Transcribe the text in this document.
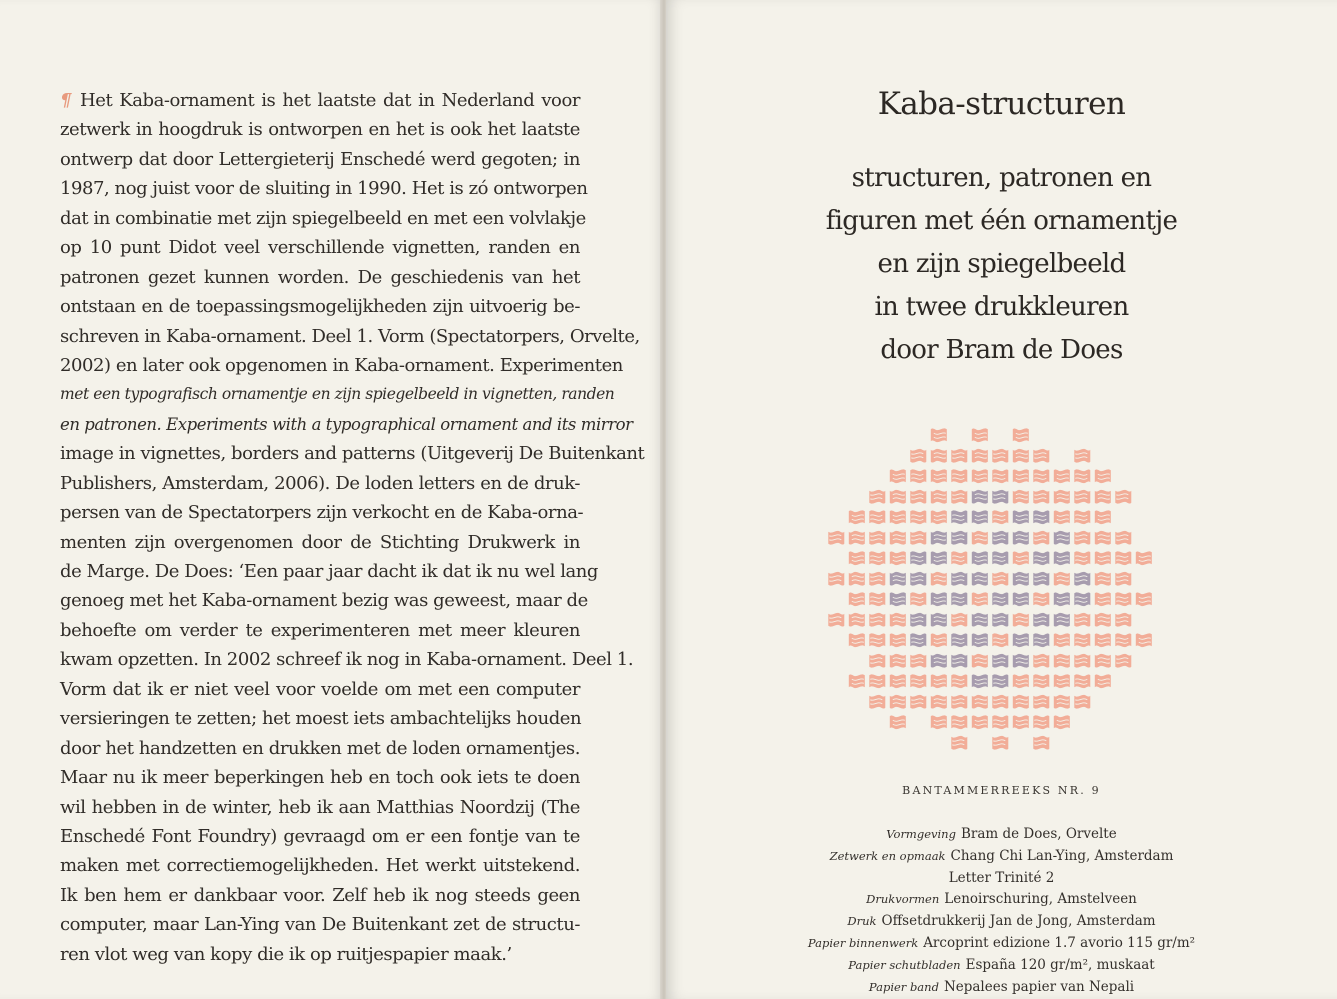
¶ Het Kaba-ornament is het laatste dat in Nederland voor
zetwerk in hoogdruk is ontworpen en het is ook het laatste
ontwerp dat door Lettergieterij Enschedé werd gegoten; in
1987, nog juist voor de sluiting in 1990. Het is zó ontworpen
dat in combinatie met zijn spiegelbeeld en met een volvlakje
op 10 punt Didot veel verschillende vignetten, randen en
patronen gezet kunnen worden. De geschiedenis van het
ontstaan en de toepassingsmogelijkheden zijn uitvoerig be-
schreven in Kaba-ornament. Deel 1. Vorm (Spectatorpers, Orvelte,
2002) en later ook opgenomen in Kaba-ornament. Experimenten
met een typografisch ornamentje en zijn spiegelbeeld in vignetten, randen
en patronen. Experiments with a typographical ornament and its mirror
image in vignettes, borders and patterns (Uitgeverij De Buitenkant
Publishers, Amsterdam, 2006). De loden letters en de druk-
persen van de Spectatorpers zijn verkocht en de Kaba-orna-
menten zijn overgenomen door de Stichting Drukwerk in
de Marge. De Does: ‘Een paar jaar dacht ik dat ik nu wel lang
genoeg met het Kaba-ornament bezig was geweest, maar de
behoefte om verder te experimenteren met meer kleuren
kwam opzetten. In 2002 schreef ik nog in Kaba-ornament. Deel 1.
Vorm dat ik er niet veel voor voelde om met een computer
versieringen te zetten; het moest iets ambachtelijks houden
door het handzetten en drukken met de loden ornamentjes.
Maar nu ik meer beperkingen heb en toch ook iets te doen
wil hebben in de winter, heb ik aan Matthias Noordzij (The
Enschedé Font Foundry) gevraagd om er een fontje van te
maken met correctiemogelijkheden. Het werkt uitstekend.
Ik ben hem er dankbaar voor. Zelf heb ik nog steeds geen
computer, maar Lan-Ying van De Buitenkant zet de structu-
ren vlot weg van kopy die ik op ruitjespapier maak.’
Kaba-structuren
structuren, patronen en
figuren met één ornamentje
en zijn spiegelbeeld
in twee drukkleuren
door Bram de Does
BANTAMMERREEKS NR. 9
Vormgeving Bram de Does, Orvelte
Zetwerk en opmaak Chang Chi Lan-Ying, Amsterdam
Letter Trinité 2
Drukvormen Lenoirschuring, Amstelveen
Druk Offsetdrukkerij Jan de Jong, Amsterdam
Papier binnenwerk Arcoprint edizione 1.7 avorio 115 gr/m²
Papier schutbladen España 120 gr/m², muskaat
Papier band Nepalees papier van Nepali
